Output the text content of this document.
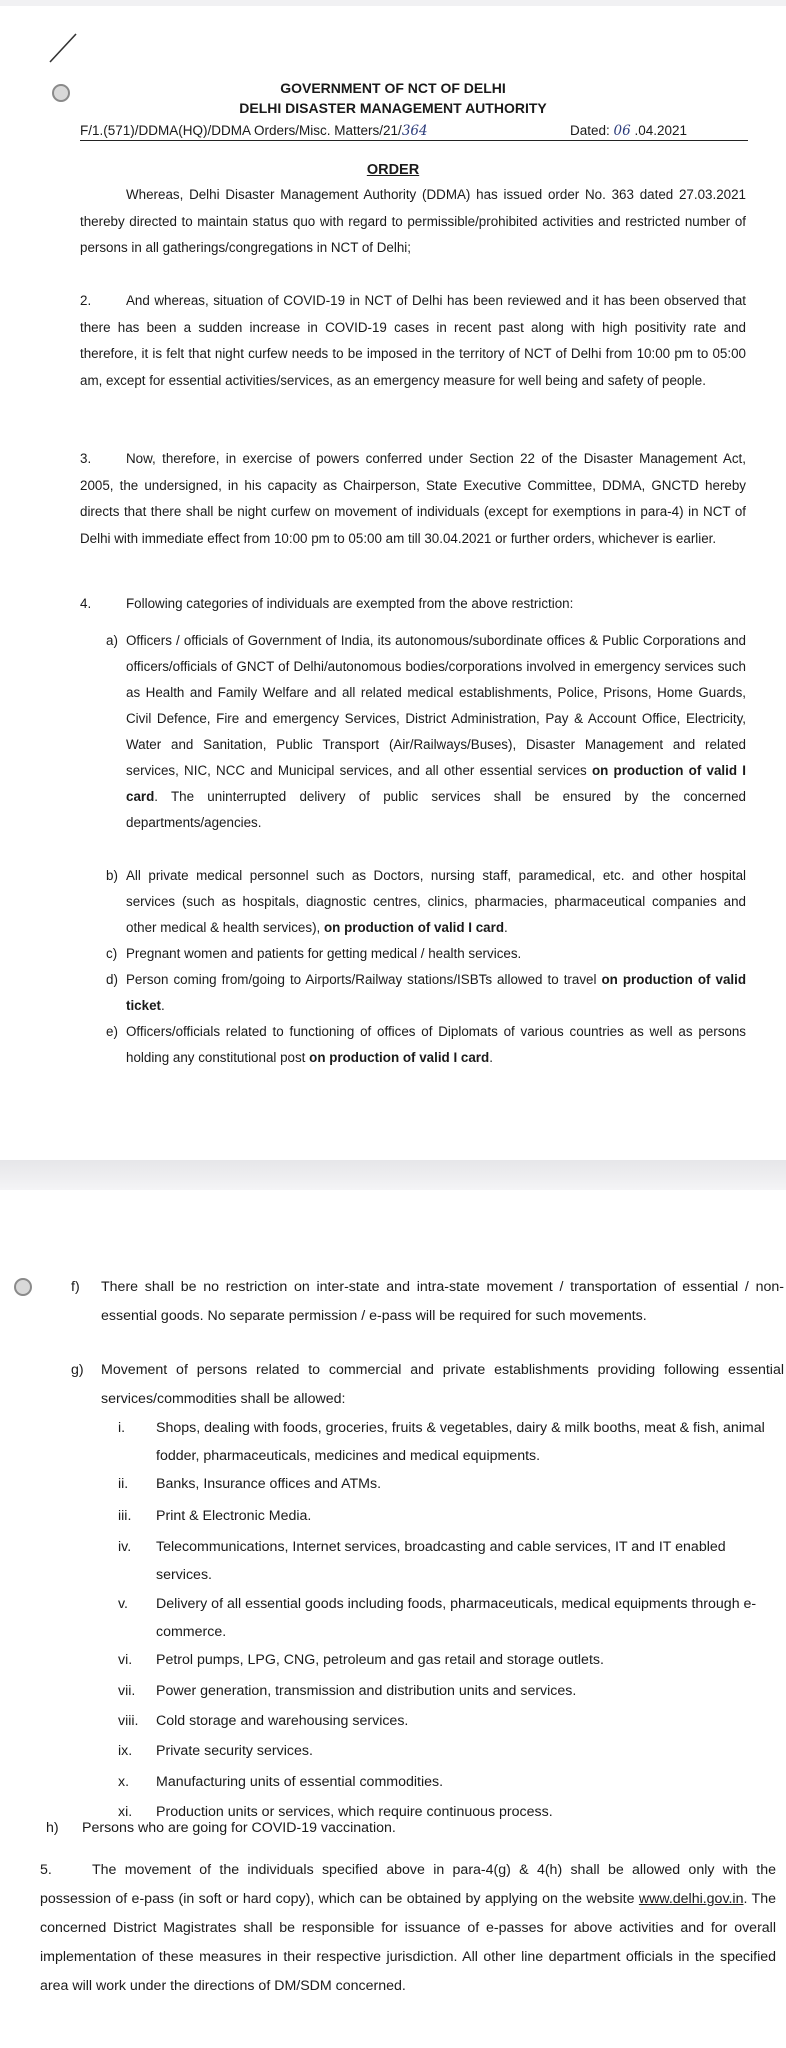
GOVERNMENT OF NCT OF DELHI
DELHI DISASTER MANAGEMENT AUTHORITY
F/1.(571)/DDMA(HQ)/DDMA Orders/Misc. Matters/21/364	Dated: 06 .04.2021
ORDER
Whereas, Delhi Disaster Management Authority (DDMA) has issued order No. 363 dated 27.03.2021 thereby directed to maintain status quo with regard to permissible/prohibited activities and restricted number of persons in all gatherings/congregations in NCT of Delhi;
2.	And whereas, situation of COVID-19 in NCT of Delhi has been reviewed and it has been observed that there has been a sudden increase in COVID-19 cases in recent past along with high positivity rate and therefore, it is felt that night curfew needs to be imposed in the territory of NCT of Delhi from 10:00 pm to 05:00 am, except for essential activities/services, as an emergency measure for well being and safety of people.
3.	Now, therefore, in exercise of powers conferred under Section 22 of the Disaster Management Act, 2005, the undersigned, in his capacity as Chairperson, State Executive Committee, DDMA, GNCTD hereby directs that there shall be night curfew on movement of individuals (except for exemptions in para-4) in NCT of Delhi with immediate effect from 10:00 pm to 05:00 am till 30.04.2021 or further orders, whichever is earlier.
4.	Following categories of individuals are exempted from the above restriction:
a) Officers / officials of Government of India, its autonomous/subordinate offices & Public Corporations and officers/officials of GNCT of Delhi/autonomous bodies/corporations involved in emergency services such as Health and Family Welfare and all related medical establishments, Police, Prisons, Home Guards, Civil Defence, Fire and emergency Services, District Administration, Pay & Account Office, Electricity, Water and Sanitation, Public Transport (Air/Railways/Buses), Disaster Management and related services, NIC, NCC and Municipal services, and all other essential services on production of valid I card. The uninterrupted delivery of public services shall be ensured by the concerned departments/agencies.
b) All private medical personnel such as Doctors, nursing staff, paramedical, etc. and other hospital services (such as hospitals, diagnostic centres, clinics, pharmacies, pharmaceutical companies and other medical & health services), on production of valid I card.
c) Pregnant women and patients for getting medical / health services.
d) Person coming from/going to Airports/Railway stations/ISBTs allowed to travel on production of valid ticket.
e) Officers/officials related to functioning of offices of Diplomats of various countries as well as persons holding any constitutional post on production of valid I card.
f) There shall be no restriction on inter-state and intra-state movement / transportation of essential / non-essential goods. No separate permission / e-pass will be required for such movements.
g) Movement of persons related to commercial and private establishments providing following essential services/commodities shall be allowed:
i.	Shops, dealing with foods, groceries, fruits & vegetables, dairy & milk booths, meat & fish, animal fodder, pharmaceuticals, medicines and medical equipments.
ii.	Banks, Insurance offices and ATMs.
iii.	Print & Electronic Media.
iv.	Telecommunications, Internet services, broadcasting and cable services, IT and IT enabled services.
v.	Delivery of all essential goods including foods, pharmaceuticals, medical equipments through e-commerce.
vi.	Petrol pumps, LPG, CNG, petroleum and gas retail and storage outlets.
vii.	Power generation, transmission and distribution units and services.
viii.	Cold storage and warehousing services.
ix.	Private security services.
x.	Manufacturing units of essential commodities.
xi.	Production units or services, which require continuous process.
h) Persons who are going for COVID-19 vaccination.
5.	The movement of the individuals specified above in para-4(g) & 4(h) shall be allowed only with the possession of e-pass (in soft or hard copy), which can be obtained by applying on the website www.delhi.gov.in. The concerned District Magistrates shall be responsible for issuance of e-passes for above activities and for overall implementation of these measures in their respective jurisdiction. All other line department officials in the specified area will work under the directions of DM/SDM concerned.
